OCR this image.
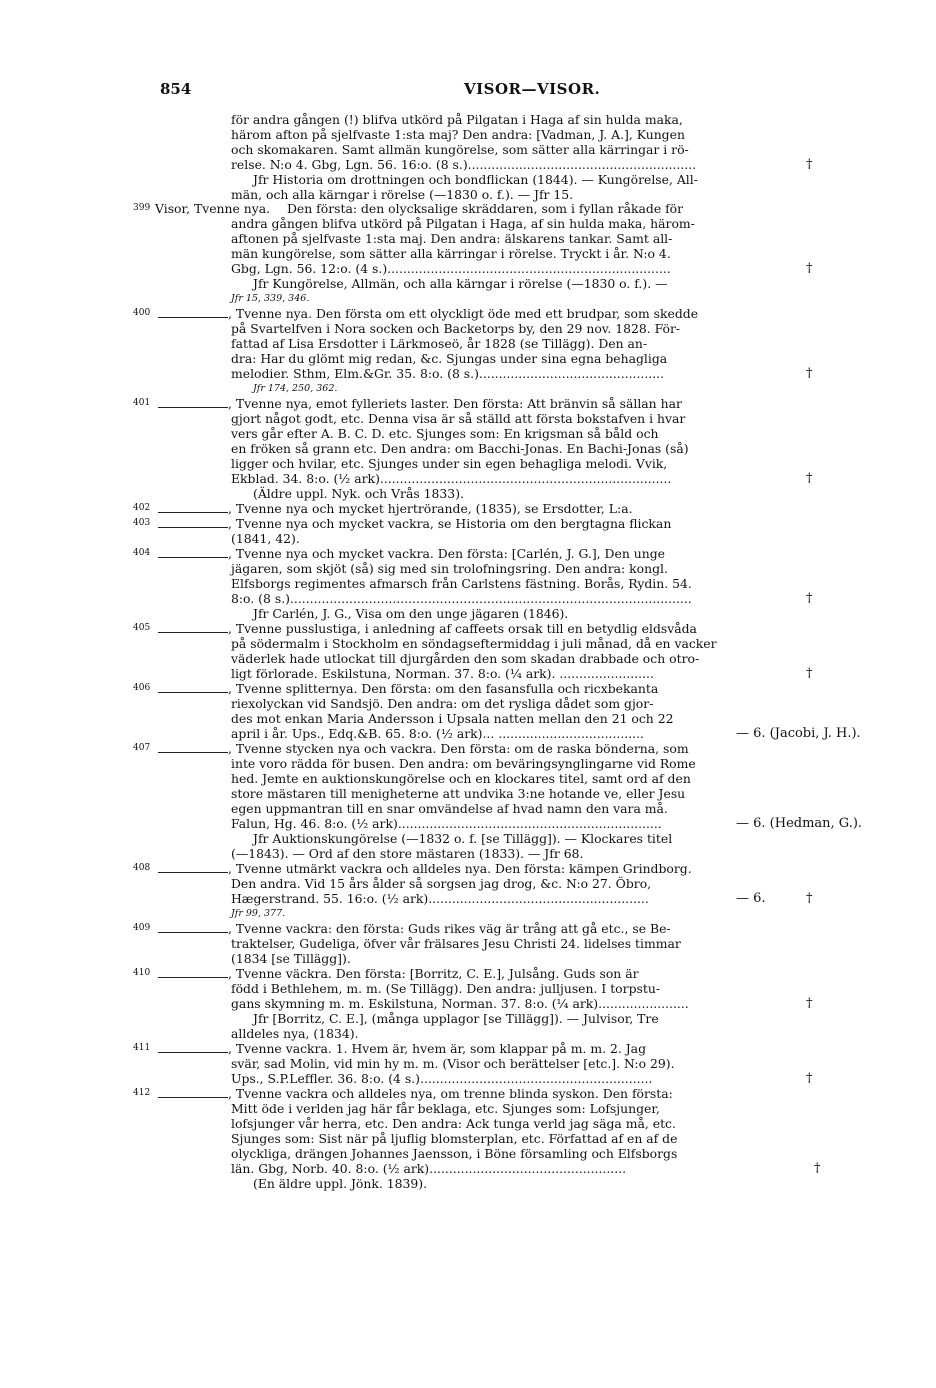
854	VISOR—VISOR.
för andra gången (!) blifva utkörd på Pilgatan i Haga af sin hulda maka,
härom afton på sjelfvaste 1:sta maj? Den andra: [Vadman, J. A.], Kungen
och skomakaren. Samt allmän kungörelse, som sätter alla kärringar i rö-
relse. N:o 4. Gbg, Lgn. 56. 16:o. (8 s.)..........................................................	†
Jfr Historia om drottningen och bondflickan (1844). — Kungörelse, All-
män, och alla kärngar i rörelse (—1830 o. f.). — Jfr 15.
399 Visor, Tvenne nya. Den första: den olycksalige skräddaren, som i fyllan råkade för
andra gången blifva utkörd på Pilgatan i Haga, af sin hulda maka, härom-
aftonen på sjelfvaste 1:sta maj. Den andra: älskarens tankar. Samt all-
män kungörelse, som sätter alla kärringar i rörelse. Tryckt i år. N:o 4.
Gbg, Lgn. 56. 12:o. (4 s.)........................................................................	†
Jfr Kungörelse, Allmän, och alla kärngar i rörelse (—1830 o. f.). —
Jfr 15, 339, 346.
400	, Tvenne nya. Den första om ett olyckligt öde med ett brudpar, som skedde
på Svartelfven i Nora socken och Backetorps by, den 29 nov. 1828. För-
fattad af Lisa Ersdotter i Lärkmoseö, år 1828 (se Tillägg). Den an-
dra: Har du glömt mig redan, &c. Sjungas under sina egna behagliga
melodier. Sthm, Elm.&Gr. 35. 8:o. (8 s.)...............................................	†
Jfr 174, 250, 362.
401	, Tvenne nya, emot fylleriets laster. Den första: Att bränvin så sällan har
gjort något godt, etc. Denna visa är så ställd att första bokstafven i hvar
vers går efter A. B. C. D. etc. Sjunges som: En krigsman så båld och
en fröken så grann etc. Den andra: om Bacchi-Jonas. En Bachi-Jonas (så)
ligger och hvilar, etc. Sjunges under sin egen behagliga melodi. Vvik,
Ekblad. 34. 8:o. (½ ark)..........................................................................	†
(Äldre uppl. Nyk. och Vrås 1833).
402	, Tvenne nya och mycket hjertrörande, (1835), se Ersdotter, L:a.
403	, Tvenne nya och mycket vackra, se Historia om den bergtagna flickan
(1841, 42).
404	, Tvenne nya och mycket vackra. Den första: [Carlén, J. G.], Den unge
jägaren, som skjöt (så) sig med sin trolofningsring. Den andra: kongl.
Elfsborgs regimentes afmarsch från Carlstens fästning. Borås, Rydin. 54.
8:o. (8 s.)......................................................................................................	†
Jfr Carlén, J. G., Visa om den unge jägaren (1846).
405	, Tvenne pusslustiga, i anledning af caffeets orsak till en betydlig eldsvåda
på södermalm i Stockholm en söndagseftermiddag i juli månad, då en vacker
väderlek hade utlockat till djurgården den som skadan drabbade och otro-
ligt förlorade. Eskilstuna, Norman. 37. 8:o. (¼ ark). ........................	†
406	, Tvenne splitternya. Den första: om den fasansfulla och ricxbekanta
riexolyckan vid Sandsjö. Den andra: om det rysliga dådet som gjor-
des mot enkan Maria Andersson i Upsala natten mellan den 21 och 22
april i år. Ups., Edq.&B. 65. 8:o. (½ ark)... .....................................	— 6. (Jacobi, J. H.).
407	, Tvenne stycken nya och vackra. Den första: om de raska bönderna, som
inte voro rädda för busen. Den andra: om beväringsynglingarne vid Rome
hed. Jemte en auktionskungörelse och en klockares titel, samt ord af den
store mästaren till menigheterne att undvika 3:ne hotande ve, eller Jesu
egen uppmantran till en snar omvändelse af hvad namn den vara må.
Falun, Hg. 46. 8:o. (½ ark)...................................................................	— 6. (Hedman, G.).
Jfr Auktionskungörelse (—1832 o. f. [se Tillägg]). — Klockares titel
(—1843). — Ord af den store mästaren (1833). — Jfr 68.
408	, Tvenne utmärkt vackra och alldeles nya. Den första: kämpen Grindborg.
Den andra. Vid 15 års ålder så sorgsen jag drog, &c. N:o 27. Öbro,
Hægerstrand. 55. 16:o. (½ ark)........................................................	— 6.	†
Jfr 99, 377.
409	, Tvenne vackra: den första: Guds rikes väg är trång att gå etc., se Be-
traktelser, Gudeliga, öfver vår frälsares Jesu Christi 24. lidelses timmar
(1834 [se Tillägg]).
410	, Tvenne väckra. Den första: [Borritz, C. E.], Julsång. Guds son är
född i Bethlehem, m. m. (Se Tillägg). Den andra: julljusen. I torpstu-
gans skymning m. m. Eskilstuna, Norman. 37. 8:o. (¼ ark).......................	†
Jfr [Borritz, C. E.], (många upplagor [se Tillägg]). — Julvisor, Tre
alldeles nya, (1834).
411	, Tvenne vackra. 1. Hvem är, hvem är, som klappar på m. m. 2. Jag
svär, sad Molin, vid min hy m. m. (Visor och berättelser [etc.]. N:o 29).
Ups., S.P.Leffler. 36. 8:o. (4 s.)...........................................................	†
412	, Tvenne vackra och alldeles nya, om trenne blinda syskon. Den första:
Mitt öde i verlden jag här får beklaga, etc. Sjunges som: Lofsjunger,
lofsjunger vår herra, etc. Den andra: Ack tunga verld jag säga må, etc.
Sjunges som: Sist när på ljuflig blomsterplan, etc. Författad af en af de
olyckliga, drängen Johannes Jaensson, i Böne församling och Elfsborgs
län. Gbg, Norb. 40. 8:o. (½ ark)..................................................	†
(En äldre uppl. Jönk. 1839).
